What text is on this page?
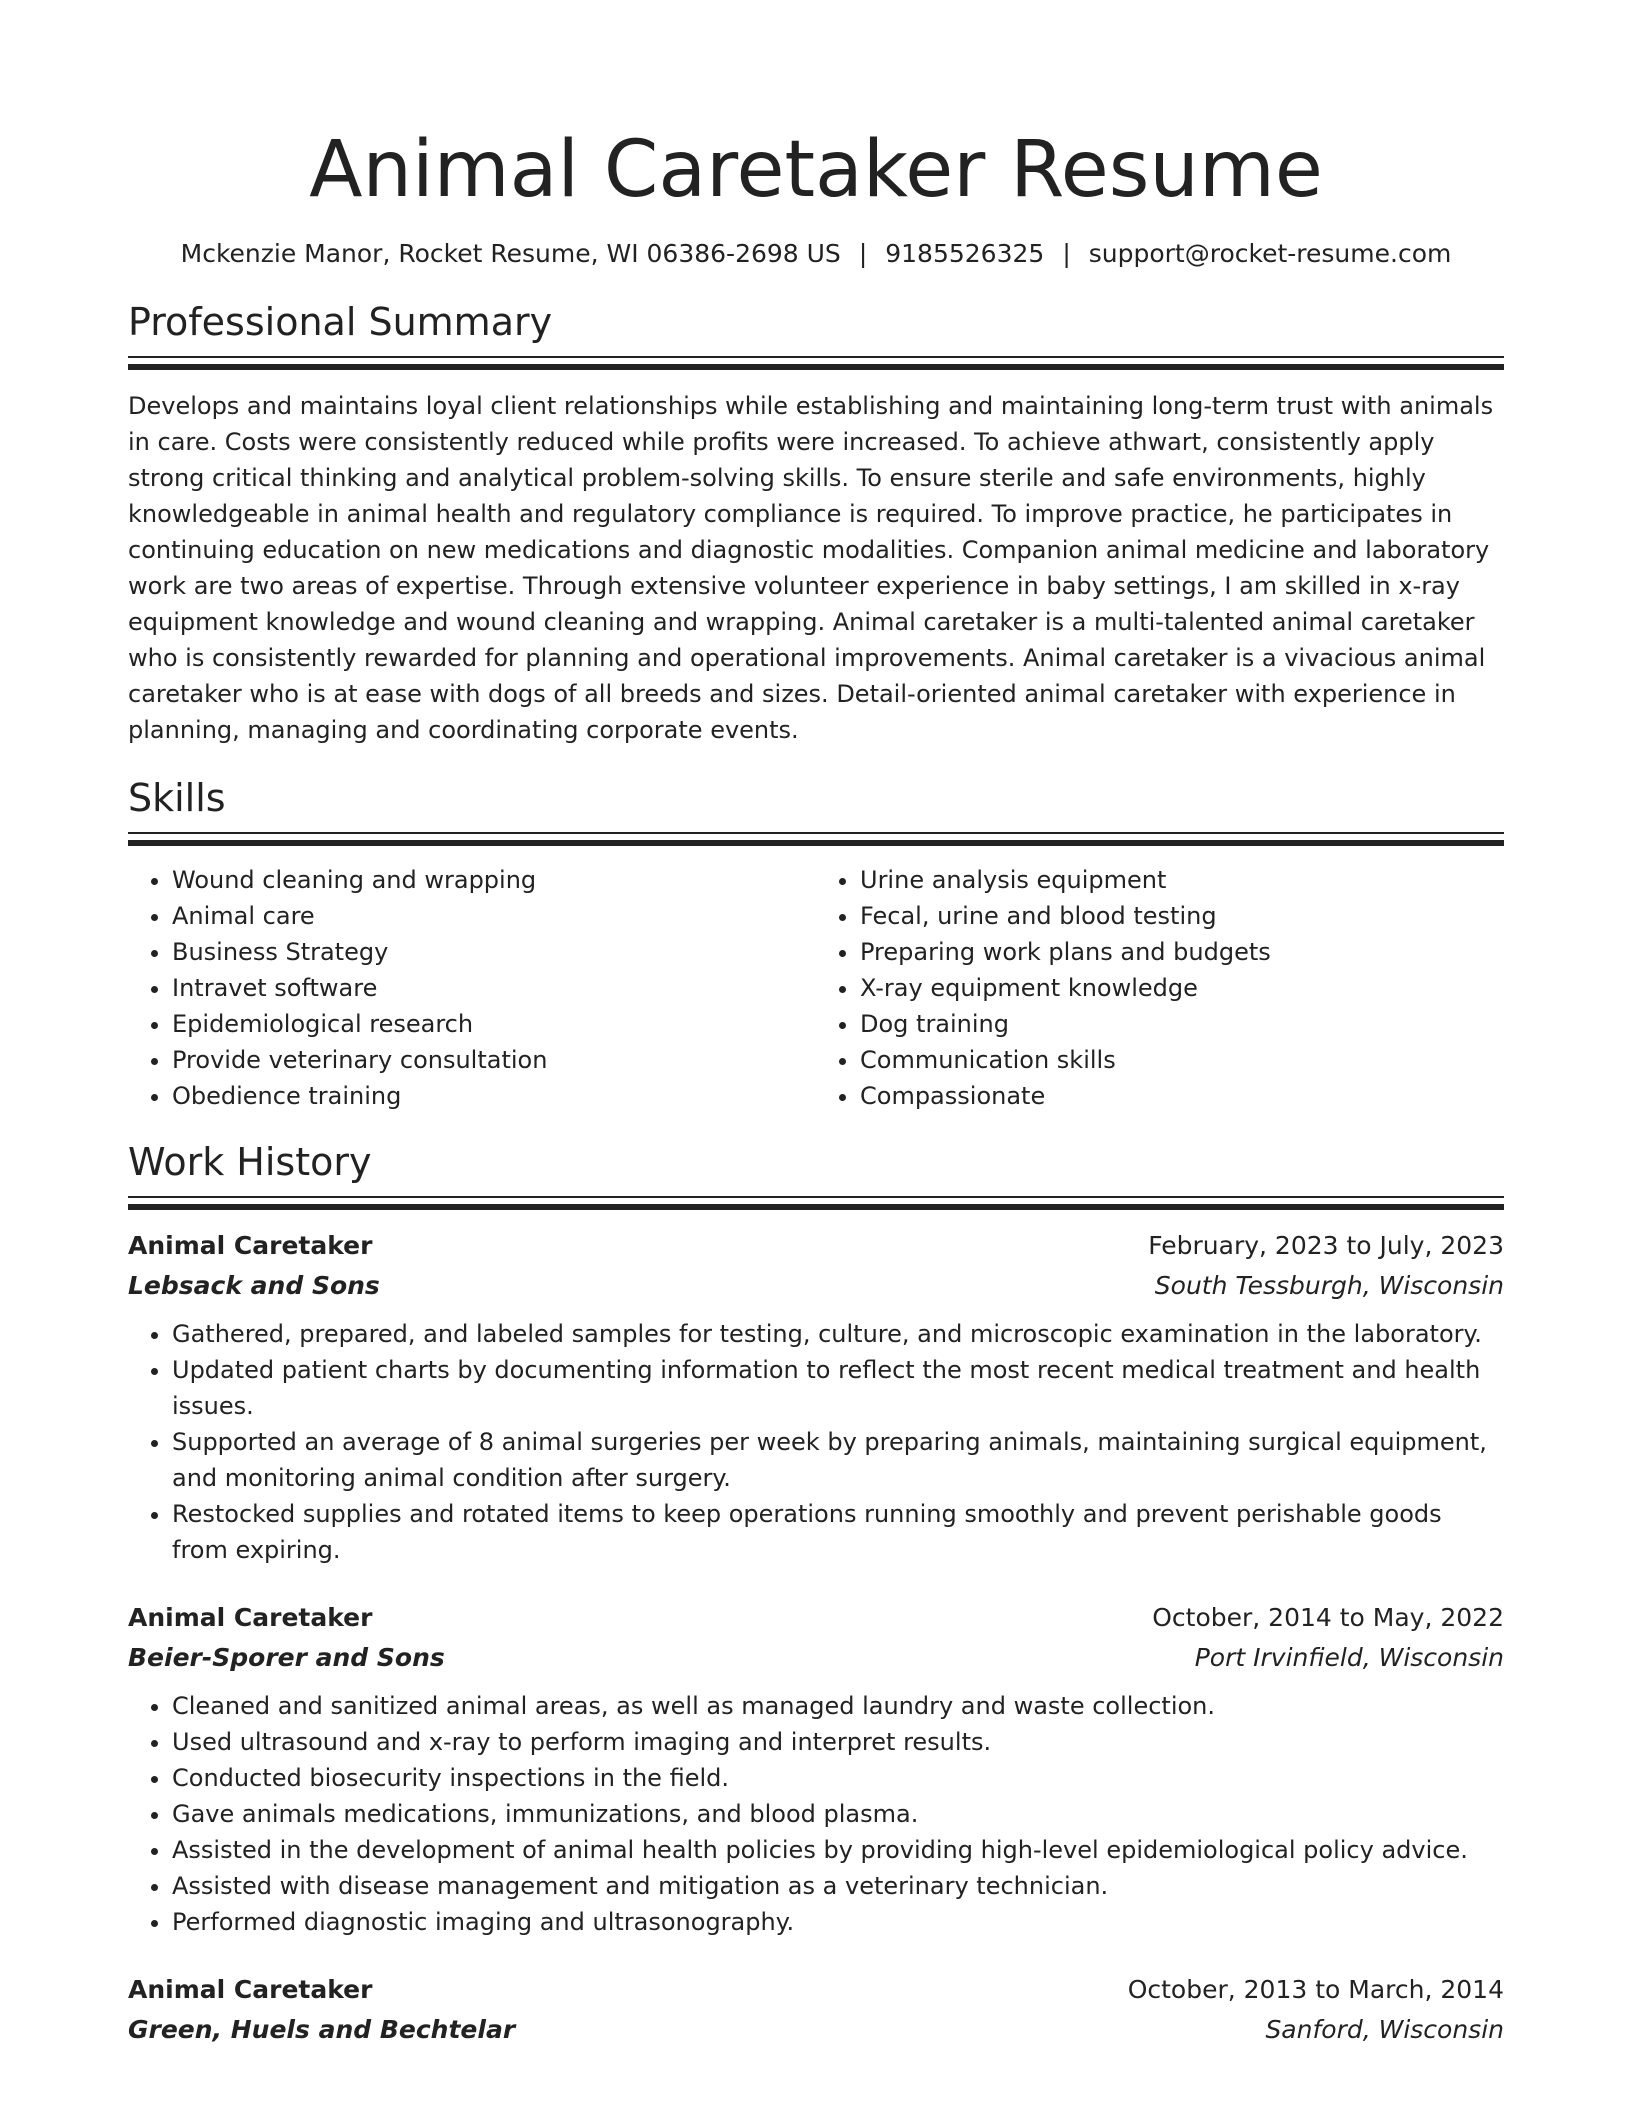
Animal Caretaker Resume
Mckenzie Manor, Rocket Resume, WI 06386-2698 US | 9185526325 | support@rocket-resume.com
Professional Summary

Develops and maintains loyal client relationships while establishing and maintaining long-term trust with animals in care. Costs were consistently reduced while profits were increased. To achieve athwart, consistently apply strong critical thinking and analytical problem-solving skills. To ensure sterile and safe environments, highly knowledgeable in animal health and regulatory compliance is required. To improve practice, he participates in continuing education on new medications and diagnostic modalities. Companion animal medicine and laboratory work are two areas of expertise. Through extensive volunteer experience in baby settings, I am skilled in x-ray equipment knowledge and wound cleaning and wrapping. Animal caretaker is a multi-talented animal caretaker who is consistently rewarded for planning and operational improvements. Animal caretaker is a vivacious animal caretaker who is at ease with dogs of all breeds and sizes. Detail-oriented animal caretaker with experience in planning, managing and coordinating corporate events.

Skills
• Wound cleaning and wrapping
• Animal care
• Business Strategy
• Intravet software
• Epidemiological research
• Provide veterinary consultation
• Obedience training
• Urine analysis equipment
• Fecal, urine and blood testing
• Preparing work plans and budgets
• X-ray equipment knowledge
• Dog training
• Communication skills
• Compassionate
Work History
Animal Caretaker	February, 2023 to July, 2023
Lebsack and Sons	South Tessburgh, Wisconsin
• Gathered, prepared, and labeled samples for testing, culture, and microscopic examination in the laboratory.
• Updated patient charts by documenting information to reflect the most recent medical treatment and health issues.
• Supported an average of 8 animal surgeries per week by preparing animals, maintaining surgical equipment, and monitoring animal condition after surgery.
• Restocked supplies and rotated items to keep operations running smoothly and prevent perishable goods from expiring.
Animal Caretaker	October, 2014 to May, 2022
Beier-Sporer and Sons	Port Irvinfield, Wisconsin
• Cleaned and sanitized animal areas, as well as managed laundry and waste collection.
• Used ultrasound and x-ray to perform imaging and interpret results.
• Conducted biosecurity inspections in the field.
• Gave animals medications, immunizations, and blood plasma.
• Assisted in the development of animal health policies by providing high-level epidemiological policy advice.
• Assisted with disease management and mitigation as a veterinary technician.
• Performed diagnostic imaging and ultrasonography.
Animal Caretaker	October, 2013 to March, 2014
Green, Huels and Bechtelar	Sanford, Wisconsin
